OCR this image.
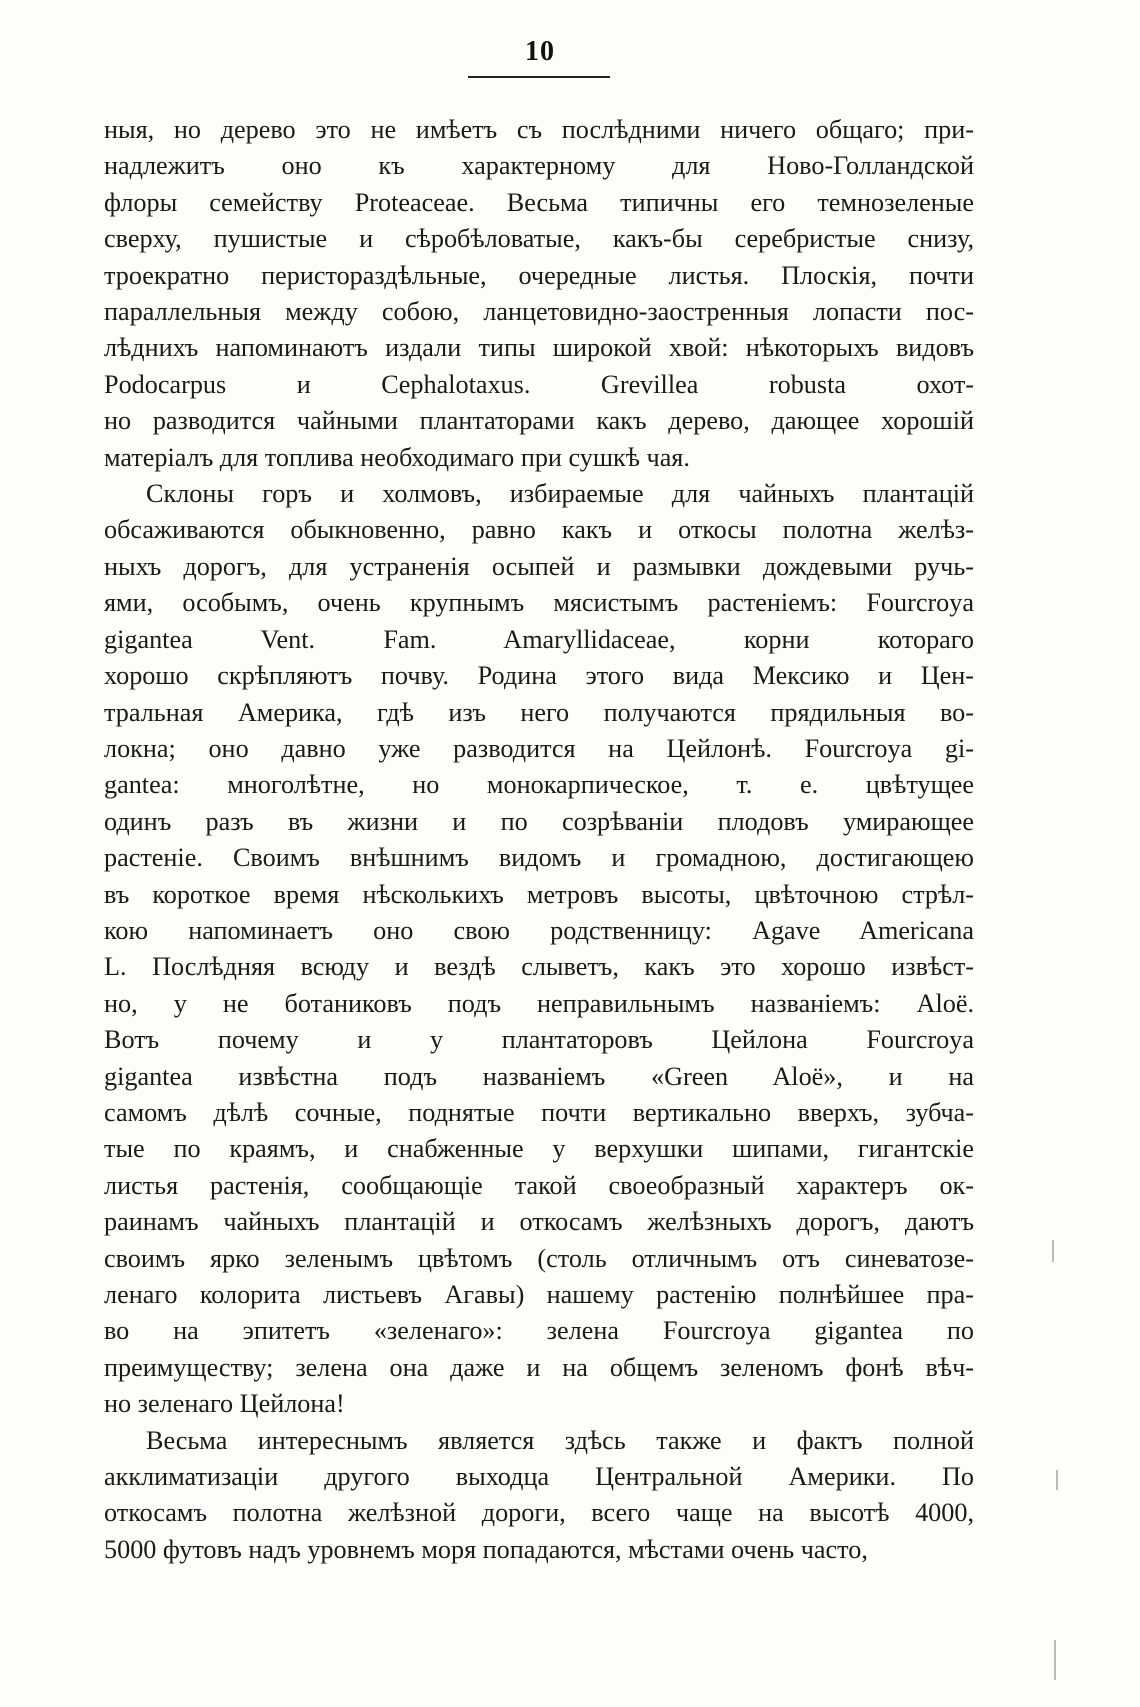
10

ныя, но дерево это не имѣетъ съ послѣдними ничего общаго; при-
надлежитъ оно къ характерному для Ново-Голландской
флоры семейству Proteaceae. Весьма типичны его темнозеленые
сверху, пушистые и сѣробѣловатые, какъ-бы серебристые снизу,
троекратно перистораздѣльные, очередные листья. Плоскiя, почти
параллельныя между собою, ланцетовидно-заостренныя лопасти пос-
лѣднихъ напоминаютъ издали типы широкой хвой: нѣкоторыхъ видовъ
Podocarpus и Cephalotaxus. Grevillea robusta охот-
но разводится чайными плантаторами какъ дерево, дающее хорошiй
матерiалъ для топлива необходимаго при сушкѣ чая.

Склоны горъ и холмовъ, избираемые для чайныхъ плантацiй
обсаживаются обыкновенно, равно какъ и откосы полотна желѣз-
ныхъ дорогъ, для устраненiя осыпей и размывки дождевыми ручь-
ями, особымъ, очень крупнымъ мясистымъ растенiемъ: Fourcroya
gigantea Vent. Fam. Amaryllidaceae, корни котораго
хорошо скрѣпляютъ почву. Родина этого вида Мексико и Цен-
тральная Америка, гдѣ изъ него получаются прядильныя во-
локна; оно давно уже разводится на Цейлонѣ. Fourcroya gi-
gantea: многолѣтне, но монокарпическое, т. е. цвѣтущее
одинъ разъ въ жизни и по созрѣванiи плодовъ умирающее
растенiе. Своимъ внѣшнимъ видомъ и громадною, достигающею
въ короткое время нѣсколькихъ метровъ высоты, цвѣточною стрѣл-
кою напоминаетъ оно свою родственницу: Agave Americana
L. Послѣдняя всюду и вездѣ слыветъ, какъ это хорошо извѣст-
но, у не ботаниковъ подъ неправильнымъ названiемъ: Aloё.
Вотъ почему и у плантаторовъ Цейлона Fourcroya
gigantea извѣстна подъ названiемъ «Green Aloё», и на
самомъ дѣлѣ сочные, поднятые почти вертикально вверхъ, зубча-
тые по краямъ, и снабженные у верхушки шипами, гигантскiе
листья растенiя, сообщающiе такой своеобразный характеръ ок-
раинамъ чайныхъ плантацiй и откосамъ желѣзныхъ дорогъ, даютъ
своимъ ярко зеленымъ цвѣтомъ (столь отличнымъ отъ синеватозе-
ленаго колорита листьевъ Агавы) нашему растенiю полнѣйшее пра-
во на эпитетъ «зеленаго»: зелена Fourcroya gigantea по
преимуществу; зелена она даже и на общемъ зеленомъ фонѣ вѣч-
но зеленаго Цейлона!

Весьма интереснымъ является здѣсь также и фактъ полной
акклиматизацiи другого выходца Центральной Америки. По
откосамъ полотна желѣзной дороги, всего чаще на высотѣ 4000,
5000 футовъ надъ уровнемъ моря попадаются, мѣстами очень часто,
